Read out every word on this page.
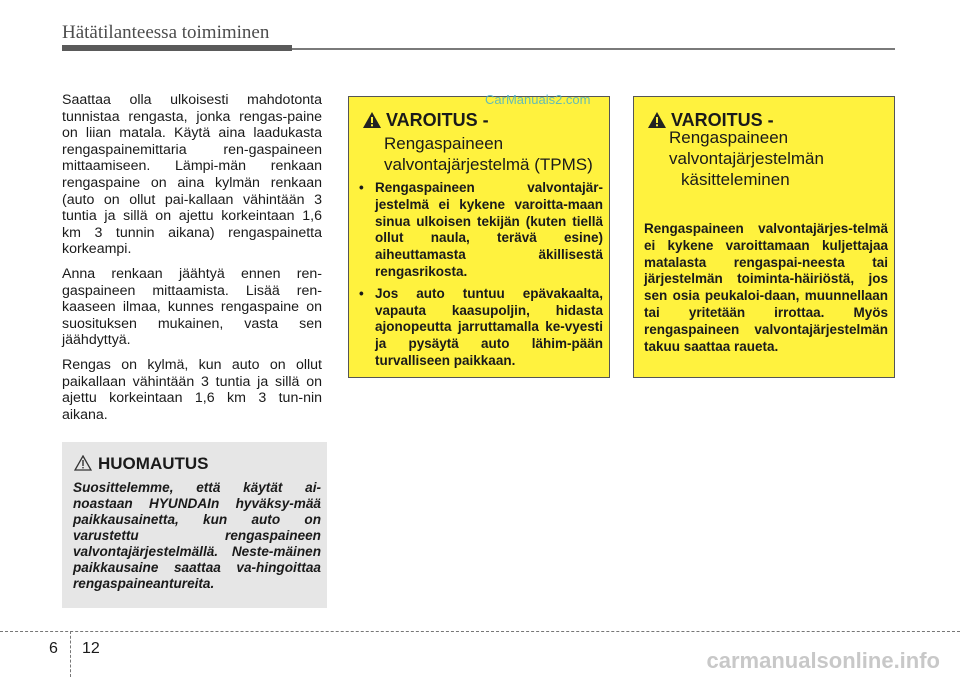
Hätätilanteessa toimiminen

Saattaa olla ulkoisesti mahdotonta tunnistaa rengasta, jonka rengas-paine on liian matala. Käytä aina laadukasta rengaspainemittaria ren-gaspaineen mittaamiseen. Lämpi-män renkaan rengaspaine on aina kylmän renkaan (auto on ollut pai-kallaan vähintään 3 tuntia ja sillä on ajettu korkeintaan 1,6 km 3 tunnin aikana) rengaspainetta korkeampi.

Anna renkaan jäähtyä ennen ren-gaspaineen mittaamista. Lisää ren-kaaseen ilmaa, kunnes rengaspaine on suosituksen mukainen, vasta sen jäähdyttyä.

Rengas on kylmä, kun auto on ollut paikallaan vähintään 3 tuntia ja sillä on ajettu korkeintaan 1,6 km 3 tun-nin aikana.

HUOMAUTUS
Suosittelemme, että käytät ai-noastaan HYUNDAIn hyväksy-mää paikkausainetta, kun auto on varustettu rengaspaineen valvontajärjestelmällä. Neste-mäinen paikkausaine saattaa va-hingoittaa rengaspaineantureita.
VAROITUS -
Rengaspaineen
valvontajärjestelmä (TPMS)
• Rengaspaineen valvontajär-jestelmä ei kykene varoitta-maan sinua ulkoisen tekijän (kuten tiellä ollut naula, terävä esine) aiheuttamasta äkillisestä rengasrikosta.
• Jos auto tuntuu epävakaalta, vapauta kaasupoljin, hidasta ajonopeutta jarruttamalla ke-vyesti ja pysäytä auto lähim-pään turvalliseen paikkaan.
VAROITUS -
Rengaspaineen
valvontajärjestelmän
käsitteleminen
Rengaspaineen valvontajärjes-telmä ei kykene varoittamaan kuljettajaa matalasta rengaspai-neesta tai järjestelmän toiminta-häiriöstä, jos sen osia peukaloi-daan, muunnellaan tai yritetään irrottaa. Myös rengaspaineen valvontajärjestelmän takuu saattaa raueta.
CarManuals2.com
6 12	carmanualsonline.info
